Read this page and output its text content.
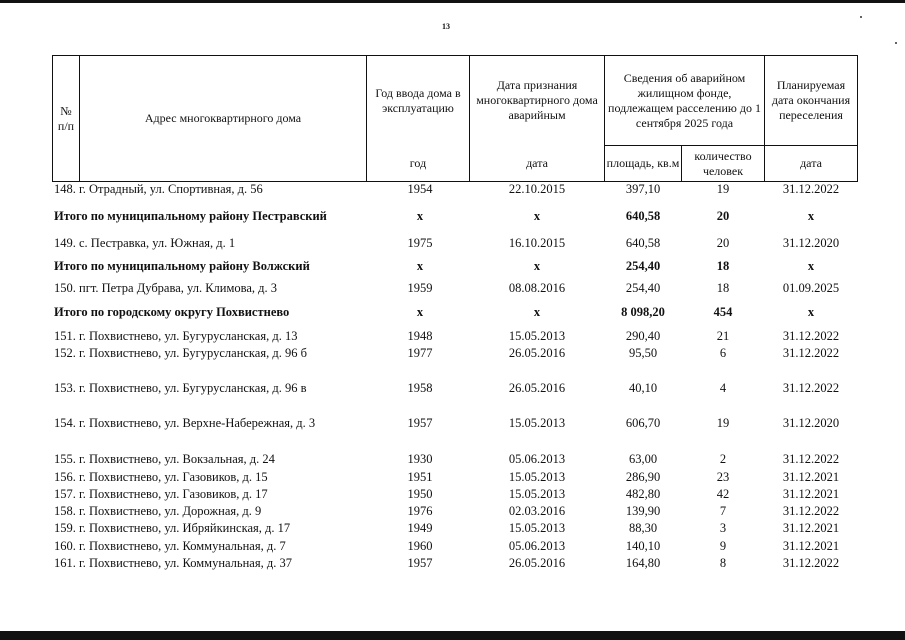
13
№
п/п
Адрес многоквартирного дома
Год ввода дома в эксплуатацию
Дата признания многоквартирного дома аварийным
Сведения об аварийном жилищном фонде, подлежащем расселению до 1 сентября 2025 года
Планируемая дата окончания переселения
год	дата	площадь, кв.м
количество человек
дата
148. г. Отрадный, ул. Спортивная, д. 56	1954	22.10.2015	397,10	19	31.12.2022
Итого по муниципальному району Пестравский	х	х	640,58	20	х
149. с. Пестравка, ул. Южная, д. 1	1975	16.10.2015	640,58	20	31.12.2020
Итого по муниципальному району Волжский	х	х	254,40	18	х
150. пгт. Петра Дубрава, ул. Климова, д. 3	1959	08.08.2016	254,40	18	01.09.2025
Итого по городскому округу Похвистнево	х	х	8 098,20	454	х
151. г. Похвистнево, ул. Бугурусланская, д. 13	1948	15.05.2013	290,40	21	31.12.2022
152. г. Похвистнево, ул. Бугурусланская, д. 96 б	1977	26.05.2016	95,50	6	31.12.2022
153. г. Похвистнево, ул. Бугурусланская, д. 96 в	1958	26.05.2016	40,10	4	31.12.2022
154. г. Похвистнево, ул. Верхне-Набережная, д. 3	1957	15.05.2013	606,70	19	31.12.2020
155. г. Похвистнево, ул. Вокзальная, д. 24	1930	05.06.2013	63,00	2	31.12.2022
156. г. Похвистнево, ул. Газовиков, д. 15	1951	15.05.2013	286,90	23	31.12.2021
157. г. Похвистнево, ул. Газовиков, д. 17	1950	15.05.2013	482,80	42	31.12.2021
158. г. Похвистнево, ул. Дорожная, д. 9	1976	02.03.2016	139,90	7	31.12.2022
159. г. Похвистнево, ул. Ибряйкинская, д. 17	1949	15.05.2013	88,30	3	31.12.2021
160. г. Похвистнево, ул. Коммунальная, д. 7	1960	05.06.2013	140,10	9	31.12.2021
161. г. Похвистнево, ул. Коммунальная, д. 37	1957	26.05.2016	164,80	8	31.12.2022
